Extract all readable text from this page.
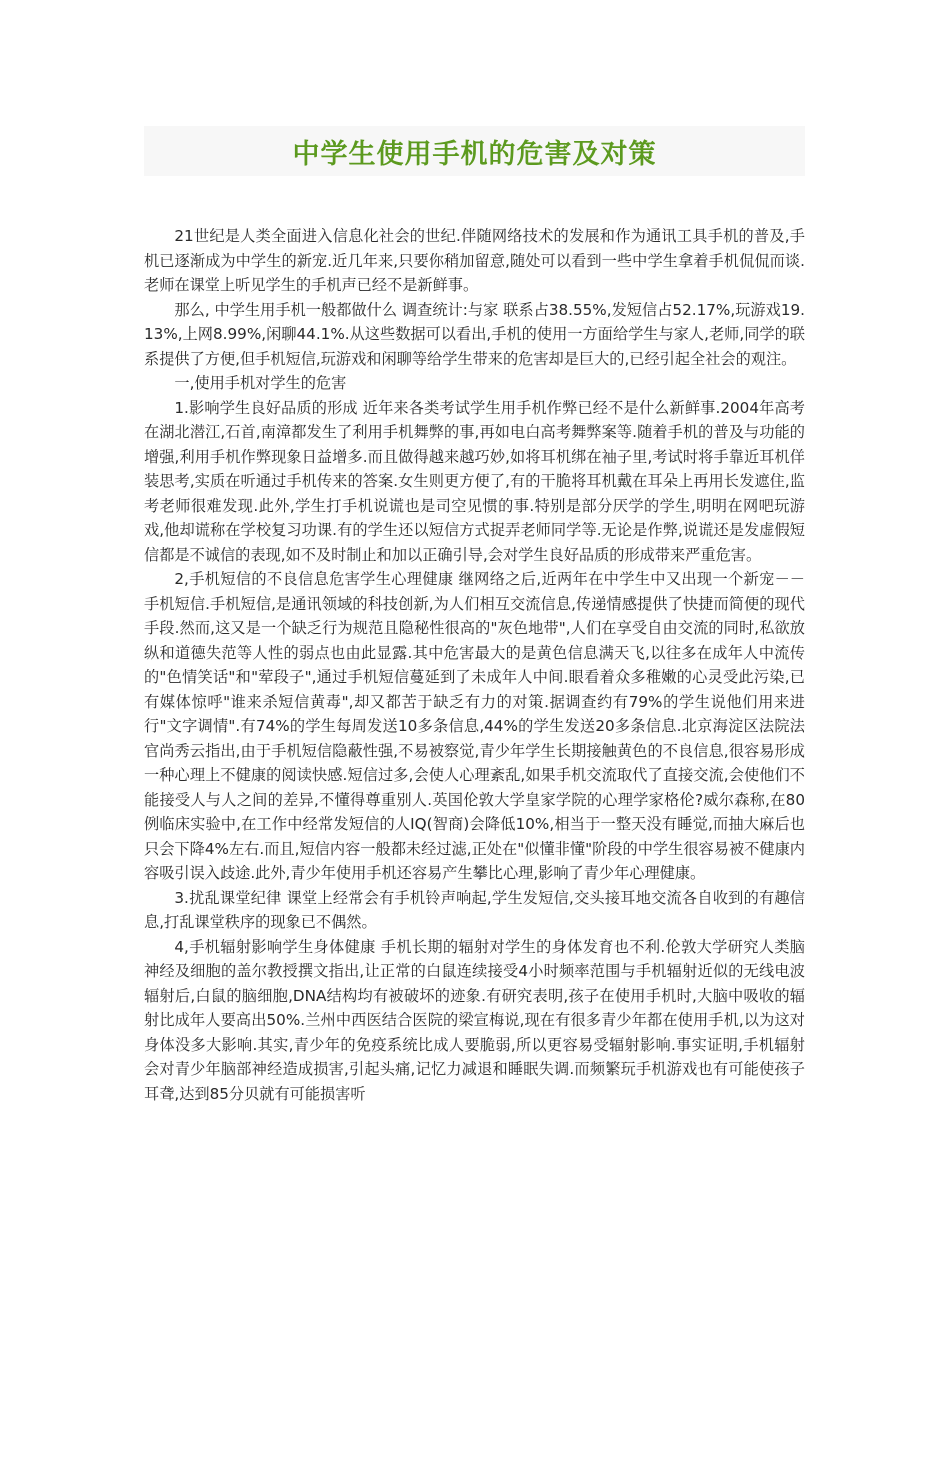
中学生使用手机的危害及对策

21世纪是人类全面进入信息化社会的世纪.伴随网络技术的发展和作为通讯工具手机的普及,手机已逐渐成为中学生的新宠.近几年来,只要你稍加留意,随处可以看到一些中学生拿着手机侃侃而谈.老师在课堂上听见学生的手机声已经不是新鲜事。

那么, 中学生用手机一般都做什么 调查统计:与家 联系占38.55%,发短信占52.17%,玩游戏19.13%,上网8.99%,闲聊44.1%.从这些数据可以看出,手机的使用一方面给学生与家人,老师,同学的联系提供了方便,但手机短信,玩游戏和闲聊等给学生带来的危害却是巨大的,已经引起全社会的观注。

一,使用手机对学生的危害

1.影响学生良好品质的形成 近年来各类考试学生用手机作弊已经不是什么新鲜事.2004年高考在湖北潜江,石首,南漳都发生了利用手机舞弊的事,再如电白高考舞弊案等.随着手机的普及与功能的增强,利用手机作弊现象日益增多.而且做得越来越巧妙,如将耳机绑在袖子里,考试时将手靠近耳机佯装思考,实质在听通过手机传来的答案.女生则更方便了,有的干脆将耳机戴在耳朵上再用长发遮住,监考老师很难发现.此外,学生打手机说谎也是司空见惯的事.特别是部分厌学的学生,明明在网吧玩游戏,他却谎称在学校复习功课.有的学生还以短信方式捉弄老师同学等.无论是作弊,说谎还是发虚假短信都是不诚信的表现,如不及时制止和加以正确引导,会对学生良好品质的形成带来严重危害。

2,手机短信的不良信息危害学生心理健康 继网络之后,近两年在中学生中又出现一个新宠－－手机短信.手机短信,是通讯领域的科技创新,为人们相互交流信息,传递情感提供了快捷而简便的现代手段.然而,这又是一个缺乏行为规范且隐秘性很高的"灰色地带",人们在享受自由交流的同时,私欲放纵和道德失范等人性的弱点也由此显露.其中危害最大的是黄色信息满天飞,以往多在成年人中流传的"色情笑话"和"荤段子",通过手机短信蔓延到了未成年人中间.眼看着众多稚嫩的心灵受此污染,已有媒体惊呼"谁来杀短信黄毒",却又都苦于缺乏有力的对策.据调查约有79%的学生说他们用来进行"文字调情".有74%的学生每周发送10多条信息,44%的学生发送20多条信息.北京海淀区法院法官尚秀云指出,由于手机短信隐蔽性强,不易被察觉,青少年学生长期接触黄色的不良信息,很容易形成一种心理上不健康的阅读快感.短信过多,会使人心理紊乱,如果手机交流取代了直接交流,会使他们不能接受人与人之间的差异,不懂得尊重别人.英国伦敦大学皇家学院的心理学家格伦?威尔森称,在80例临床实验中,在工作中经常发短信的人IQ(智商)会降低10%,相当于一整天没有睡觉,而抽大麻后也只会下降4%左右.而且,短信内容一般都未经过滤,正处在"似懂非懂"阶段的中学生很容易被不健康内容吸引误入歧途.此外,青少年使用手机还容易产生攀比心理,影响了青少年心理健康。

3.扰乱课堂纪律 课堂上经常会有手机铃声响起,学生发短信,交头接耳地交流各自收到的有趣信息,打乱课堂秩序的现象已不偶然。

4,手机辐射影响学生身体健康 手机长期的辐射对学生的身体发育也不利.伦敦大学研究人类脑神经及细胞的盖尔教授撰文指出,让正常的白鼠连续接受4小时频率范围与手机辐射近似的无线电波辐射后,白鼠的脑细胞,DNA结构均有被破坏的迹象.有研究表明,孩子在使用手机时,大脑中吸收的辐射比成年人要高出50%.兰州中西医结合医院的梁宣梅说,现在有很多青少年都在使用手机,以为这对身体没多大影响.其实,青少年的免疫系统比成人要脆弱,所以更容易受辐射影响.事实证明,手机辐射会对青少年脑部神经造成损害,引起头痛,记忆力减退和睡眠失调.而频繁玩手机游戏也有可能使孩子耳聋,达到85分贝就有可能损害听
